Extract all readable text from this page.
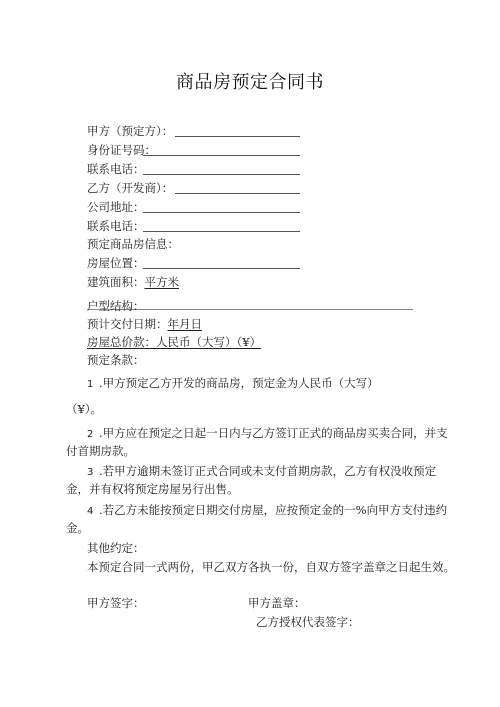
商品房预定合同书
甲方（预定方）：
身份证号码：
联系电话：
乙方（开发商）：
公司地址：
联系电话：
预定商品房信息：
房屋位置：
建筑面积：平方米
户型结构：
预计交付日期：年月日
房屋总价款：人民币（大写）（¥）
预定条款：
1 .甲方预定乙方开发的商品房，预定金为人民币（大写）
（¥）。
2 .甲方应在预定之日起一日内与乙方签订正式的商品房买卖合同，并支
付首期房款。
3 .若甲方逾期未签订正式合同或未支付首期房款，乙方有权没收预定
金，并有权将预定房屋另行出售。
4 .若乙方未能按预定日期交付房屋，应按预定金的一%向甲方支付违约
金。
其他约定：
本预定合同一式两份，甲乙双方各执一份，自双方签字盖章之日起生效。
甲方签字：	甲方盖章：
乙方授权代表签字：
